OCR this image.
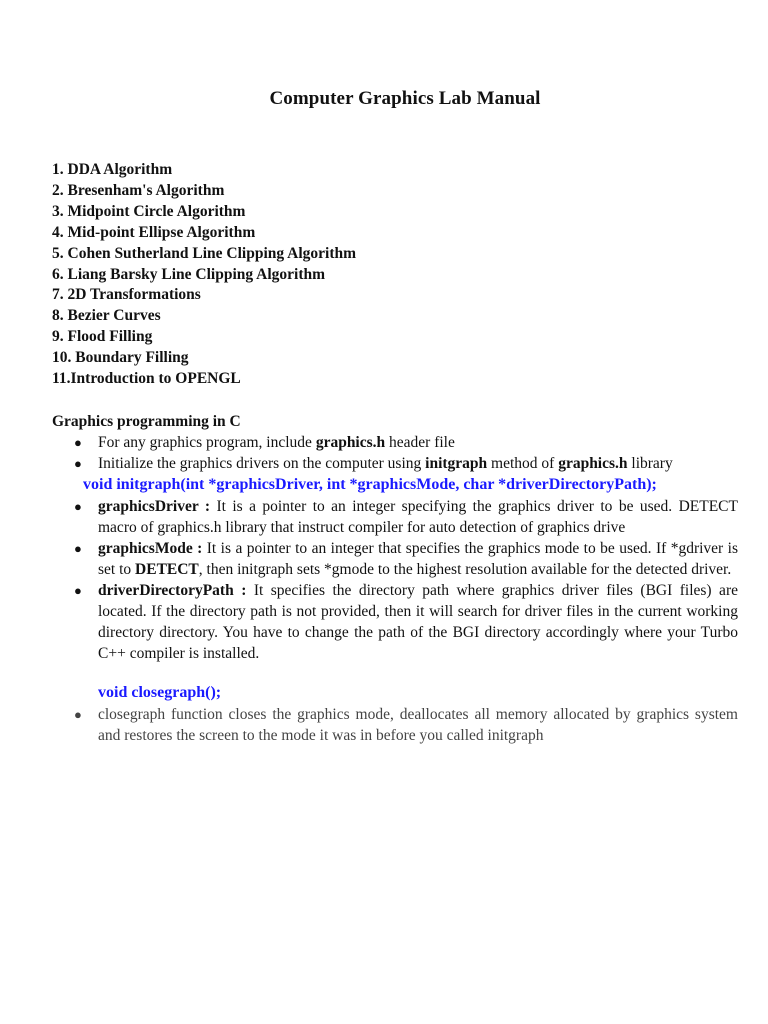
Computer Graphics Lab Manual
1. DDA Algorithm
2. Bresenham's Algorithm
3. Midpoint Circle Algorithm
4. Mid-point Ellipse Algorithm
5. Cohen Sutherland Line Clipping Algorithm
6. Liang Barsky Line Clipping Algorithm
7. 2D Transformations
8. Bezier Curves
9. Flood Filling
10. Boundary Filling
11.Introduction to OPENGL
Graphics programming in C
● For any graphics program, include graphics.h header file
● Initialize the graphics drivers on the computer using initgraph method of graphics.h library
void initgraph(int *graphicsDriver, int *graphicsMode, char *driverDirectoryPath);
● graphicsDriver : It is a pointer to an integer specifying the graphics driver to be used. DETECT macro of graphics.h library that instruct compiler for auto detection of graphics drive
● graphicsMode : It is a pointer to an integer that specifies the graphics mode to be used. If *gdriver is set to DETECT, then initgraph sets *gmode to the highest resolution available for the detected driver.
● driverDirectoryPath : It specifies the directory path where graphics driver files (BGI files) are located. If the directory path is not provided, then it will search for driver files in the current working directory directory. You have to change the path of the BGI directory accordingly where your Turbo C++ compiler is installed.
void closegraph();
● closegraph function closes the graphics mode, deallocates all memory allocated by graphics system and restores the screen to the mode it was in before you called initgraph
